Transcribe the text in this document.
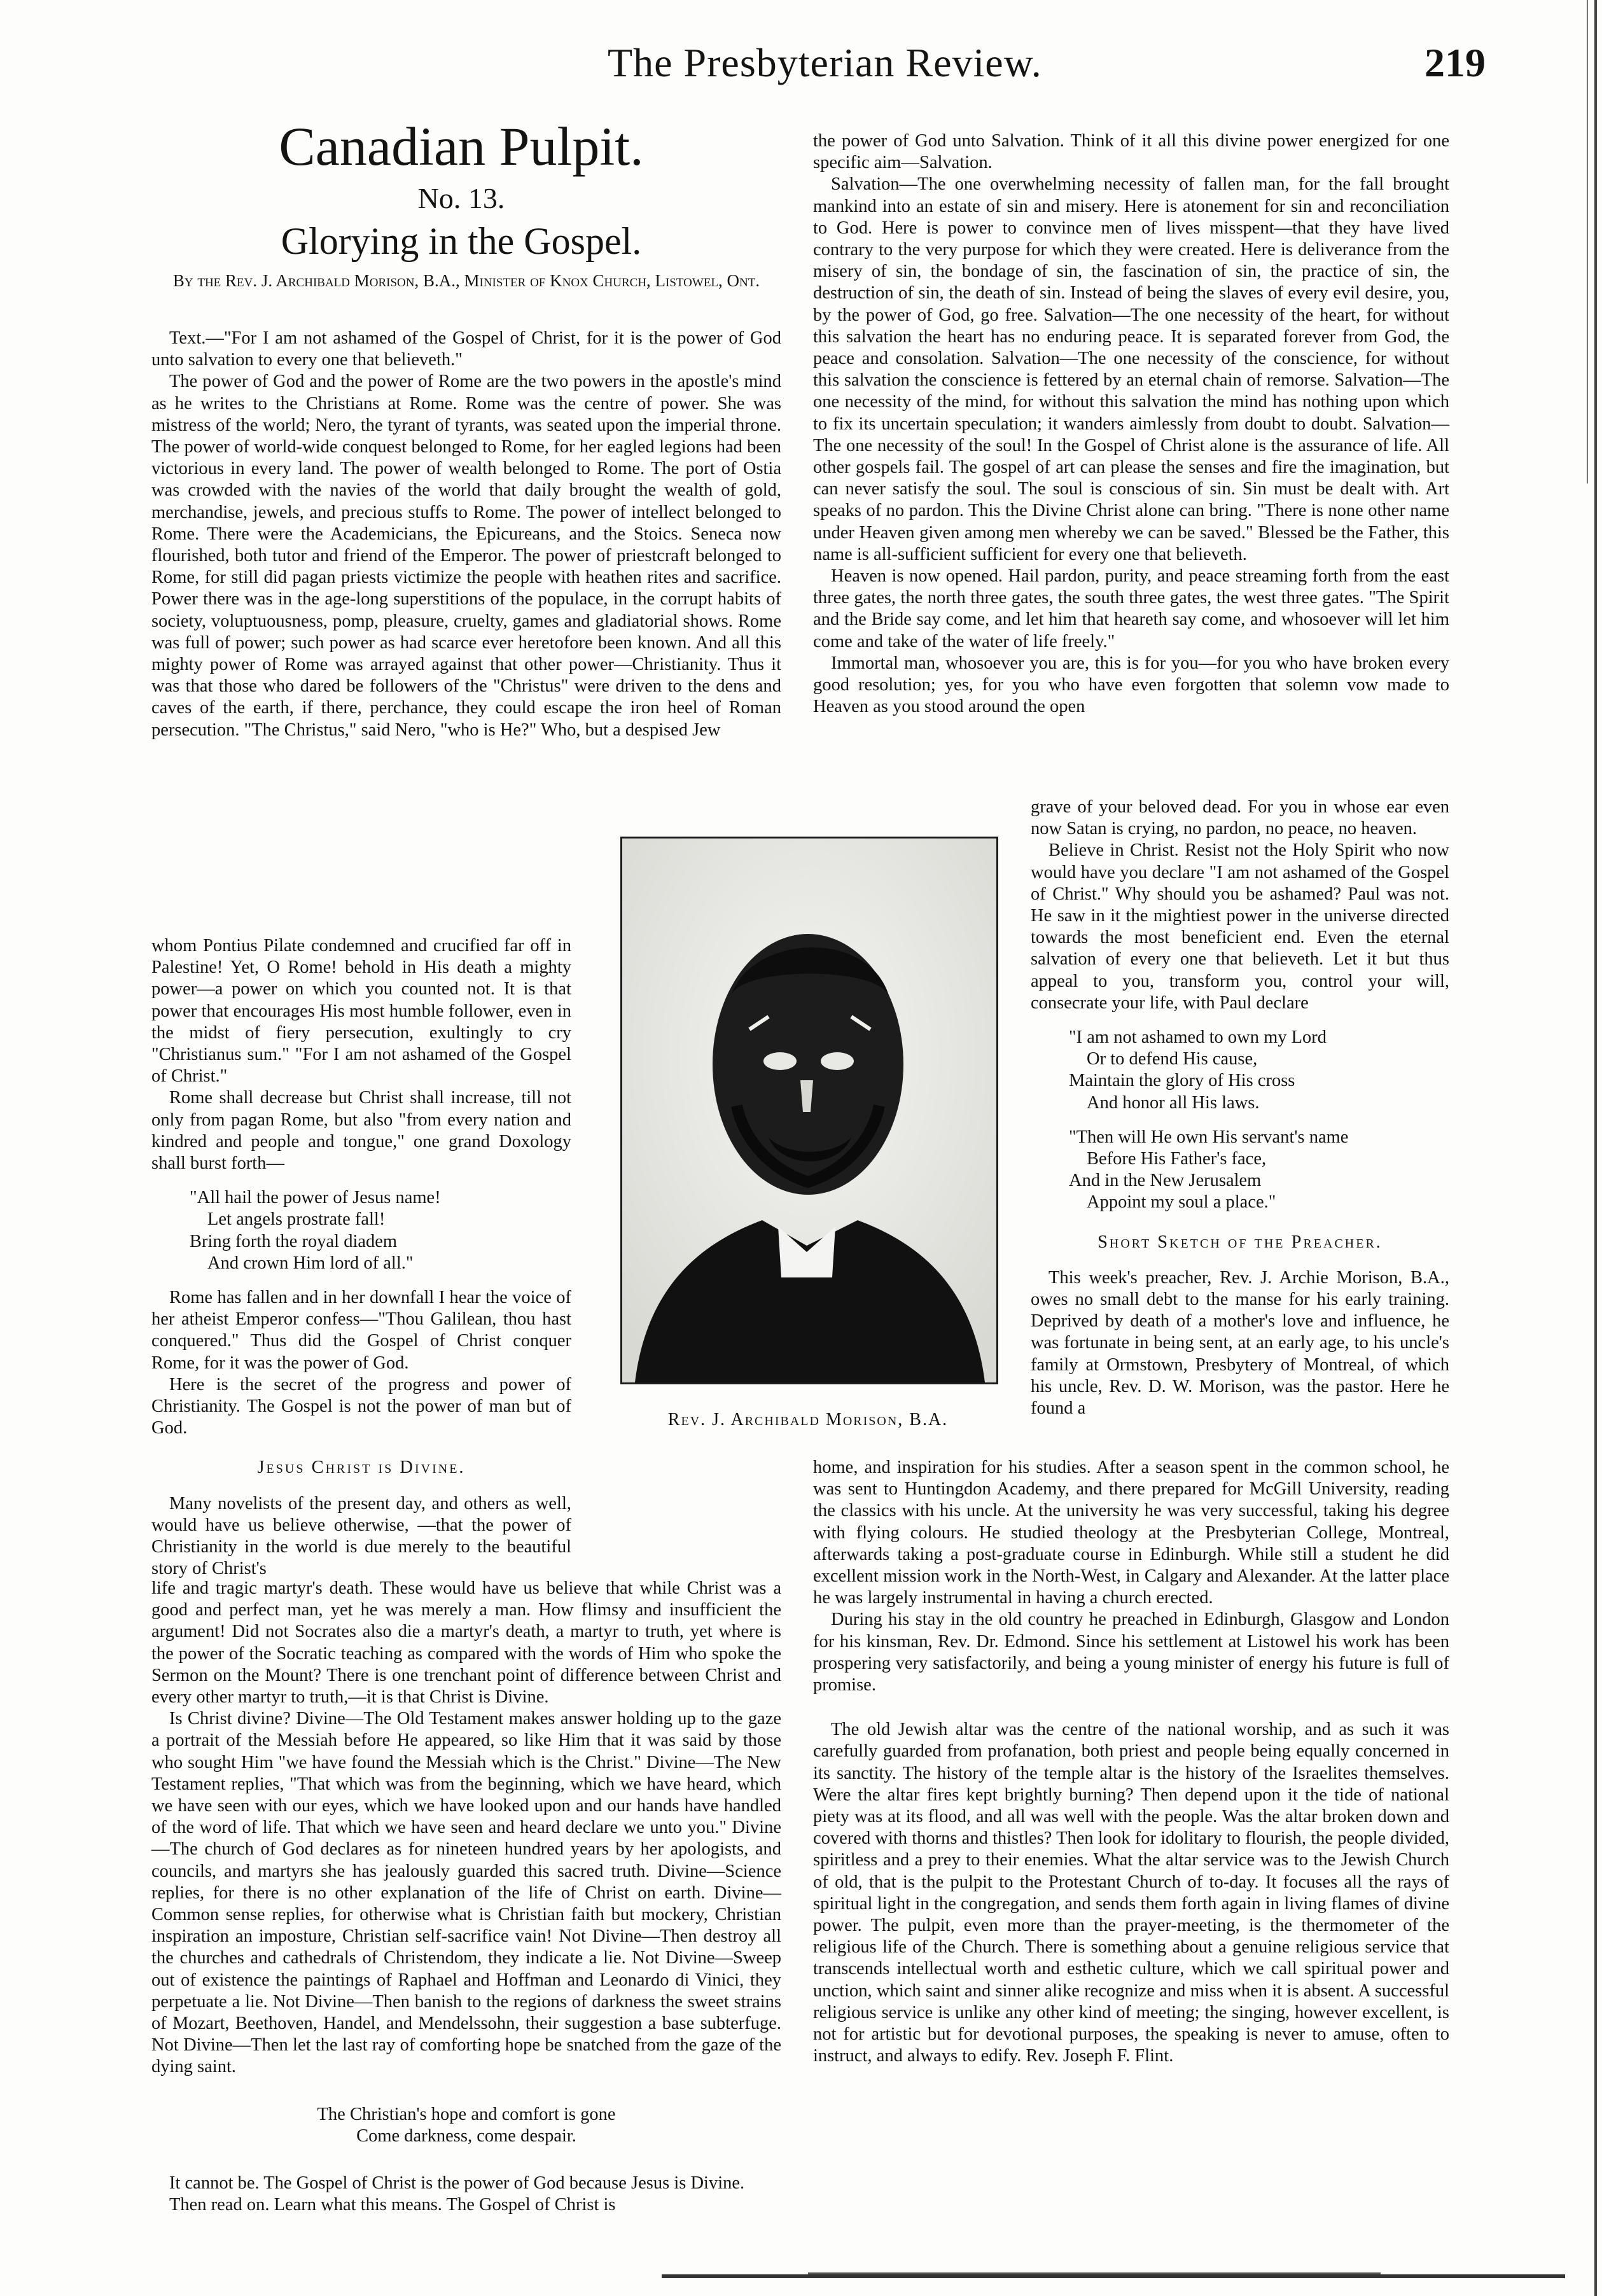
The Presbyterian Review.	219
Canadian Pulpit.
No. 13.
Glorying in the Gospel.
By the Rev. J. Archibald Morison, B.A., Minister of Knox Church, Listowel, Ont.

Text.—"For I am not ashamed of the Gospel of Christ, for it is the power of God unto salvation to every one that believeth."

The power of God and the power of Rome are the two powers in the apostle's mind as he writes to the Christians at Rome. Rome was the centre of power. She was mistress of the world; Nero, the tyrant of tyrants, was seated upon the imperial throne. The power of world-wide conquest belonged to Rome, for her eagled legions had been victorious in every land. The power of wealth belonged to Rome. The port of Ostia was crowded with the navies of the world that daily brought the wealth of gold, merchandise, jewels, and precious stuffs to Rome. The power of intellect belonged to Rome. There were the Academicians, the Epicureans, and the Stoics. Seneca now flourished, both tutor and friend of the Emperor. The power of priestcraft belonged to Rome, for still did pagan priests victimize the people with heathen rites and sacrifice. Power there was in the age-long superstitions of the populace, in the corrupt habits of society, voluptuousness, pomp, pleasure, cruelty, games and gladiatorial shows. Rome was full of power; such power as had scarce ever heretofore been known. And all this mighty power of Rome was arrayed against that other power—Christianity. Thus it was that those who dared be followers of the "Christus" were driven to the dens and caves of the earth, if there, perchance, they could escape the iron heel of Roman persecution. "The Christus," said Nero, "who is He?" Who, but a despised Jew

whom Pontius Pilate condemned and crucified far off in Palestine! Yet, O Rome! behold in His death a mighty power—a power on which you counted not. It is that power that encourages His most humble follower, even in the midst of fiery persecution, exultingly to cry "Christianus sum." "For I am not ashamed of the Gospel of Christ."

Rome shall decrease but Christ shall increase, till not only from pagan Rome, but also "from every nation and kindred and people and tongue," one grand Doxology shall burst forth—

"All hail the power of Jesus name!
Let angels prostrate fall!
Bring forth the royal diadem
And crown Him lord of all."

Rome has fallen and in her downfall I hear the voice of her atheist Emperor confess—"Thou Galilean, thou hast conquered." Thus did the Gospel of Christ conquer Rome, for it was the power of God.

Here is the secret of the progress and power of Christianity. The Gospel is not the power of man but of God.

Jesus Christ is Divine.

Many novelists of the present day, and others as well, would have us believe otherwise, —that the power of Christianity in the world is due merely to the beautiful story of Christ's

life and tragic martyr's death. These would have us believe that while Christ was a good and perfect man, yet he was merely a man. How flimsy and insufficient the argument! Did not Socrates also die a martyr's death, a martyr to truth, yet where is the power of the Socratic teaching as compared with the words of Him who spoke the Sermon on the Mount? There is one trenchant point of difference between Christ and every other martyr to truth,—it is that Christ is Divine.

Is Christ divine? Divine—The Old Testament makes answer holding up to the gaze a portrait of the Messiah before He appeared, so like Him that it was said by those who sought Him "we have found the Messiah which is the Christ." Divine—The New Testament replies, "That which was from the beginning, which we have heard, which we have seen with our eyes, which we have looked upon and our hands have handled of the word of life. That which we have seen and heard declare we unto you." Divine—The church of God declares as for nineteen hundred years by her apologists, and councils, and martyrs she has jealously guarded this sacred truth. Divine—Science replies, for there is no other explanation of the life of Christ on earth. Divine—Common sense replies, for otherwise what is Christian faith but mockery, Christian inspiration an imposture, Christian self-sacrifice vain! Not Divine—Then destroy all the churches and cathedrals of Christendom, they indicate a lie. Not Divine—Sweep out of existence the paintings of Raphael and Hoffman and Leonardo di Vinici, they perpetuate a lie. Not Divine—Then banish to the regions of darkness the sweet strains of Mozart, Beethoven, Handel, and Mendelssohn, their suggestion a base subterfuge. Not Divine—Then let the last ray of comforting hope be snatched from the gaze of the dying saint.

The Christian's hope and comfort is gone
Come darkness, come despair.

It cannot be. The Gospel of Christ is the power of God because Jesus is Divine.

Then read on. Learn what this means. The Gospel of Christ is

Rev. J. Archibald Morison, B.A.

the power of God unto Salvation. Think of it all this divine power energized for one specific aim—Salvation.

Salvation—The one overwhelming necessity of fallen man, for the fall brought mankind into an estate of sin and misery. Here is atonement for sin and reconciliation to God. Here is power to convince men of lives misspent—that they have lived contrary to the very purpose for which they were created. Here is deliverance from the misery of sin, the bondage of sin, the fascination of sin, the practice of sin, the destruction of sin, the death of sin. Instead of being the slaves of every evil desire, you, by the power of God, go free. Salvation—The one necessity of the heart, for without this salvation the heart has no enduring peace. It is separated forever from God, the peace and consolation. Salvation—The one necessity of the conscience, for without this salvation the conscience is fettered by an eternal chain of remorse. Salvation—The one necessity of the mind, for without this salvation the mind has nothing upon which to fix its uncertain speculation; it wanders aimlessly from doubt to doubt. Salvation—The one necessity of the soul! In the Gospel of Christ alone is the assurance of life. All other gospels fail. The gospel of art can please the senses and fire the imagination, but can never satisfy the soul. The soul is conscious of sin. Sin must be dealt with. Art speaks of no pardon. This the Divine Christ alone can bring. "There is none other name under Heaven given among men whereby we can be saved." Blessed be the Father, this name is all-sufficient sufficient for every one that believeth.

Heaven is now opened. Hail pardon, purity, and peace streaming forth from the east three gates, the north three gates, the south three gates, the west three gates. "The Spirit and the Bride say come, and let him that heareth say come, and whosoever will let him come and take of the water of life freely."

Immortal man, whosoever you are, this is for you—for you who have broken every good resolution; yes, for you who have even forgotten that solemn vow made to Heaven as you stood around the open

grave of your beloved dead. For you in whose ear even now Satan is crying, no pardon, no peace, no heaven.

Believe in Christ. Resist not the Holy Spirit who now would have you declare "I am not ashamed of the Gospel of Christ." Why should you be ashamed? Paul was not. He saw in it the mightiest power in the universe directed towards the most beneficient end. Even the eternal salvation of every one that believeth. Let it but thus appeal to you, transform you, control your will, consecrate your life, with Paul declare

"I am not ashamed to own my Lord
Or to defend His cause,
Maintain the glory of His cross
And honor all His laws.
"Then will He own His servant's name
Before His Father's face,
And in the New Jerusalem
Appoint my soul a place."
Short Sketch of the Preacher.

This week's preacher, Rev. J. Archie Morison, B.A., owes no small debt to the manse for his early training. Deprived by death of a mother's love and influence, he was fortunate in being sent, at an early age, to his uncle's family at Ormstown, Presbytery of Montreal, of which his uncle, Rev. D. W. Morison, was the pastor. Here he found a

home, and inspiration for his studies. After a season spent in the common school, he was sent to Huntingdon Academy, and there prepared for McGill University, reading the classics with his uncle. At the university he was very successful, taking his degree with flying colours. He studied theology at the Presbyterian College, Montreal, afterwards taking a post-graduate course in Edinburgh. While still a student he did excellent mission work in the North-West, in Calgary and Alexander. At the latter place he was largely instrumental in having a church erected.

During his stay in the old country he preached in Edinburgh, Glasgow and London for his kinsman, Rev. Dr. Edmond. Since his settlement at Listowel his work has been prospering very satisfactorily, and being a young minister of energy his future is full of promise.

The old Jewish altar was the centre of the national worship, and as such it was carefully guarded from profanation, both priest and people being equally concerned in its sanctity. The history of the temple altar is the history of the Israelites themselves. Were the altar fires kept brightly burning? Then depend upon it the tide of national piety was at its flood, and all was well with the people. Was the altar broken down and covered with thorns and thistles? Then look for idolitary to flourish, the people divided, spiritless and a prey to their enemies. What the altar service was to the Jewish Church of old, that is the pulpit to the Protestant Church of to-day. It focuses all the rays of spiritual light in the congregation, and sends them forth again in living flames of divine power. The pulpit, even more than the prayer-meeting, is the thermometer of the religious life of the Church. There is something about a genuine religious service that transcends intellectual worth and esthetic culture, which we call spiritual power and unction, which saint and sinner alike recognize and miss when it is absent. A successful religious service is unlike any other kind of meeting; the singing, however excellent, is not for artistic but for devotional purposes, the speaking is never to amuse, often to instruct, and always to edify. Rev. Joseph F. Flint.
